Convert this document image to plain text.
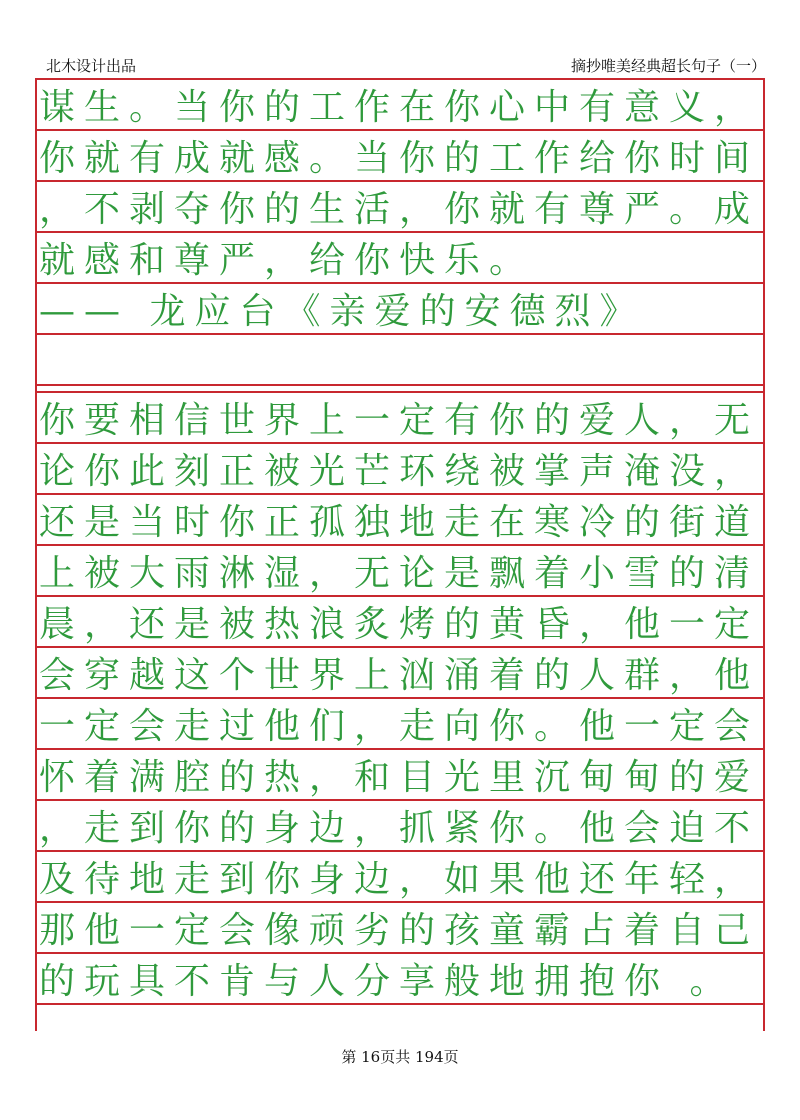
北木设计出品	摘抄唯美经典超长句子（一）
谋生。当你的工作在你心中有意义，
你就有成就感。当你的工作给你时间
，不剥夺你的生活，你就有尊严。成
就感和尊严，给你快乐。
—— 龙应台《亲爱的安德烈》
你要相信世界上一定有你的爱人，无
论你此刻正被光芒环绕被掌声淹没，
还是当时你正孤独地走在寒冷的街道
上被大雨淋湿，无论是飘着小雪的清
晨，还是被热浪炙烤的黄昏，他一定
会穿越这个世界上汹涌着的人群，他
一定会走过他们，走向你。他一定会
怀着满腔的热，和目光里沉甸甸的爱
，走到你的身边，抓紧你。他会迫不
及待地走到你身边，如果他还年轻，
那他一定会像顽劣的孩童霸占着自己
的玩具不肯与人分享般地拥抱你 。
第 16页共 194页
